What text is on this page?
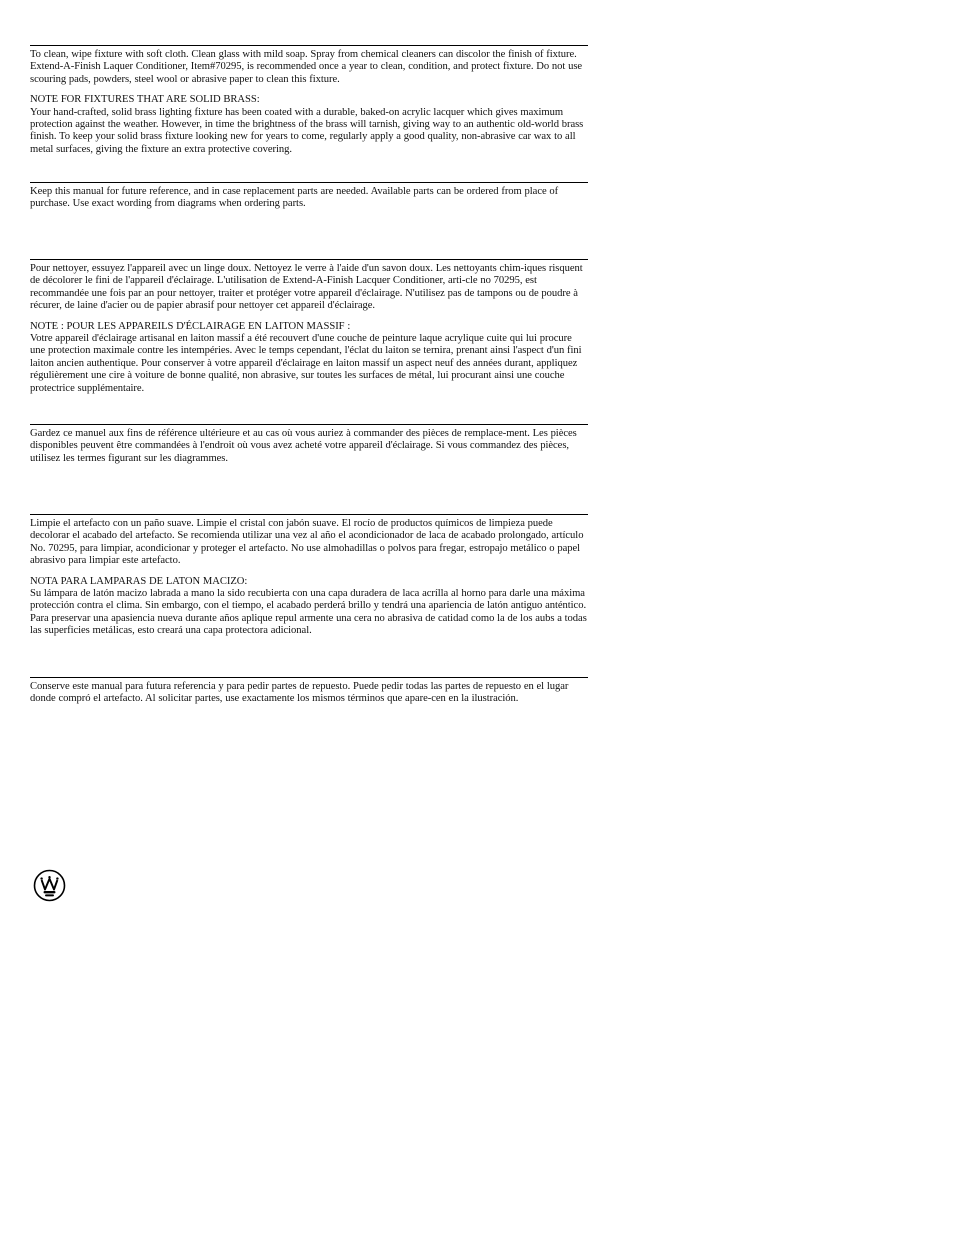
To clean, wipe fixture with soft cloth. Clean glass with mild soap. Spray from chemical cleaners can discolor the finish of fixture. Extend-A-Finish Laquer Conditioner, Item#70295, is recommended once a year to clean, condition, and protect fixture. Do not use scouring pads, powders, steel wool or abrasive paper to clean this fixture.

NOTE FOR FIXTURES THAT ARE SOLID BRASS:

Your hand-crafted, solid brass lighting fixture has been coated with a durable, baked-on acrylic lacquer which gives maximum protection against the weather. However, in time the brightness of the brass will tarnish, giving way to an authentic old-world brass finish. To keep your solid brass fixture looking new for years to come, regularly apply a good quality, non-abrasive car wax to all metal surfaces, giving the fixture an extra protective covering.

Keep this manual for future reference, and in case replacement parts are needed. Available parts can be ordered from place of purchase. Use exact wording from diagrams when ordering parts.

Pour nettoyer, essuyez l'appareil avec un linge doux. Nettoyez le verre à l'aide d'un savon doux. Les nettoyants chim-iques risquent de décolorer le fini de l'appareil d'éclairage. L'utilisation de Extend-A-Finish Lacquer Conditioner, arti-cle no 70295, est recommandée une fois par an pour nettoyer, traiter et protéger votre appareil d'éclairage. N'utilisez pas de tampons ou de poudre à récurer, de laine d'acier ou de papier abrasif pour nettoyer cet appareil d'éclairage.

NOTE : POUR LES APPAREILS D'ÉCLAIRAGE EN LAITON MASSIF :

Votre appareil d'éclairage artisanal en laiton massif a été recouvert d'une couche de peinture laque acrylique cuite qui lui procure une protection maximale contre les intempéries. Avec le temps cependant, l'éclat du laiton se ternira, prenant ainsi l'aspect d'un fini laiton ancien authentique. Pour conserver à votre appareil d'éclairage en laiton massif un aspect neuf des années durant, appliquez régulièrement une cire à voiture de bonne qualité, non abrasive, sur toutes les surfaces de métal, lui procurant ainsi une couche protectrice supplémentaire.

Gardez ce manuel aux fins de référence ultérieure et au cas où vous auriez à commander des pièces de remplace-ment. Les pièces disponibles peuvent être commandées à l'endroit où vous avez acheté votre appareil d'éclairage. Si vous commandez des pièces, utilisez les termes figurant sur les diagrammes.

Limpie el artefacto con un paño suave. Limpie el cristal con jabón suave. El rocío de productos químicos de limpieza puede decolorar el acabado del artefacto. Se recomienda utilizar una vez al año el acondicionador de laca de acabado prolongado, artículo No. 70295, para limpiar, acondicionar y proteger el artefacto. No use almohadillas o polvos para fregar, estropajo metálico o papel abrasivo para limpiar este artefacto.

NOTA PARA LAMPARAS DE LATON MACIZO:

Su lámpara de latón macizo labrada a mano la sido recubierta con una capa duradera de laca acrílla al horno para darle una máxima protección contra el clima. Sin embargo, con el tiempo, el acabado perderá brillo y tendrá una apariencia de latón antiguo anténtico. Para preservar una apasiencia nueva durante años aplique repul armente una cera no abrasiva de catidad como la de los aubs a todas las superficies metálicas, esto creará una capa protectora adicional.

Conserve este manual para futura referencia y para pedir partes de repuesto. Puede pedir todas las partes de repuesto en el lugar donde compró el artefacto. Al solicitar partes, use exactamente los mismos términos que apare-cen en la ilustración.
